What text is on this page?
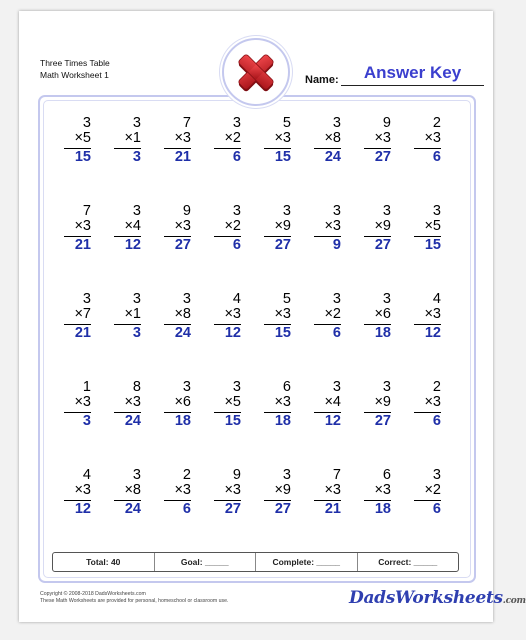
Three Times Table
Math Worksheet 1	Name:	Answer Key
3
×5
15
3
×1
3
7
×3
21
3
×2
6
5
×3
15
3
×8
24
9
×3
27
2
×3
6
7
×3
21
3
×4
12
9
×3
27
3
×2
6
3
×9
27
3
×3
9
3
×9
27
3
×5
15
3
×7
21
3
×1
3
3
×8
24
4
×3
12
5
×3
15
3
×2
6
3
×6
18
4
×3
12
1
×3
3
8
×3
24
3
×6
18
3
×5
15
6
×3
18
3
×4
12
3
×9
27
2
×3
6
4
×3
12
3
×8
24
2
×3
6
9
×3
27
3
×9
27
7
×3
21
6
×3
18
3
×2
6
Total: 40	Goal: _____	Complete: _____	Correct: _____
Copyright © 2008-2018 DadsWorksheets.com
These Math Worksheets are provided for personal, homeschool or classroom use.	DadsWorksheets.com
